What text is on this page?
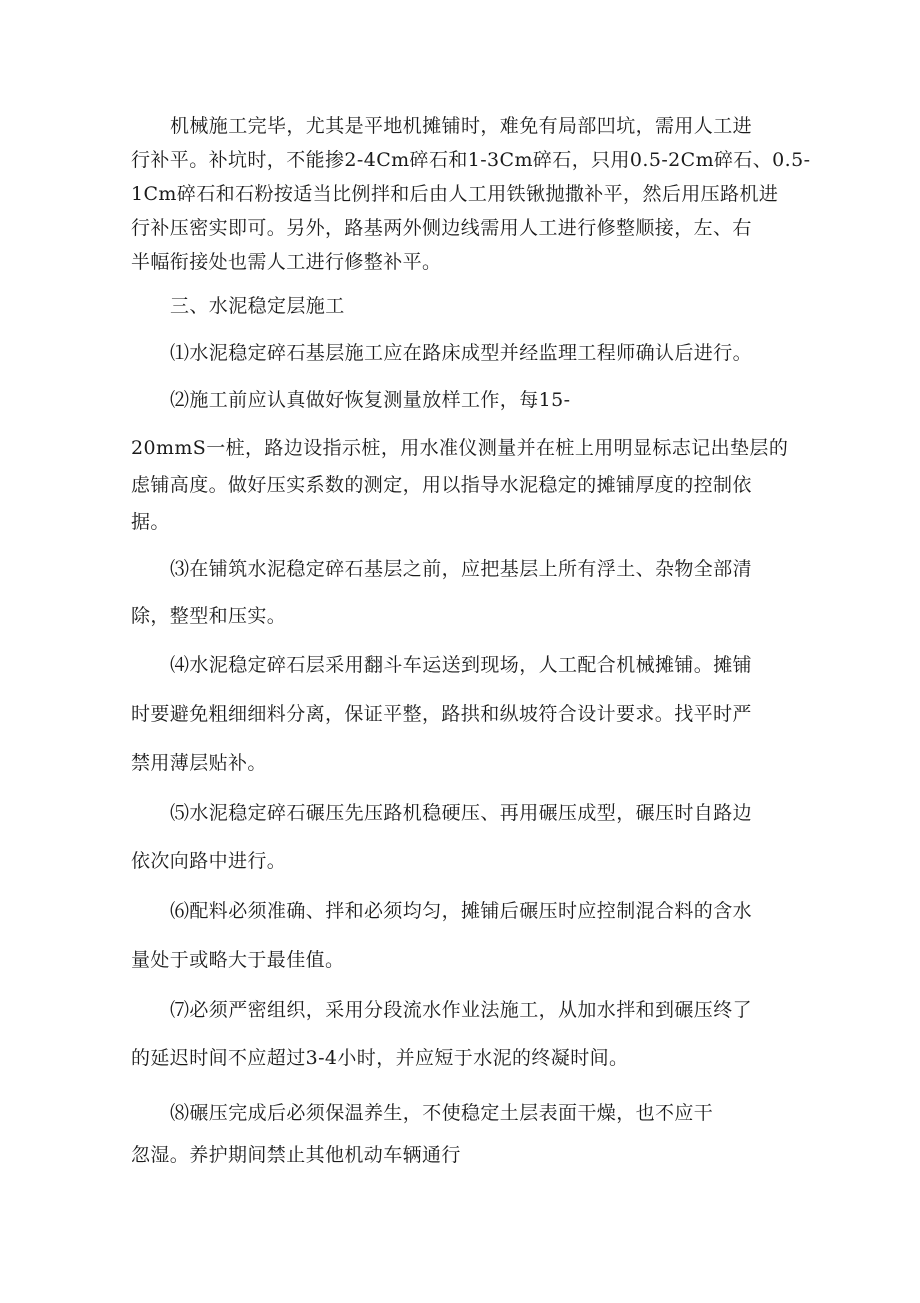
机械施工完毕，尤其是平地机摊铺时，难免有局部凹坑，需用人工进
行补平。补坑时，不能掺2-4Cm碎石和1-3Cm碎石，只用0.5-2Cm碎石、0.5-
1Cm碎石和石粉按适当比例拌和后由人工用铁锹抛撒补平，然后用压路机进
行补压密实即可。另外，路基两外侧边线需用人工进行修整顺接，左、右
半幅衔接处也需人工进行修整补平。
三、水泥稳定层施工
⑴水泥稳定碎石基层施工应在路床成型并经监理工程师确认后进行。
⑵施工前应认真做好恢复测量放样工作，每15-
20mmS一桩，路边设指示桩，用水准仪测量并在桩上用明显标志记出垫层的
虑铺高度。做好压实系数的测定，用以指导水泥稳定的摊铺厚度的控制依
据。
⑶在铺筑水泥稳定碎石基层之前，应把基层上所有浮土、杂物全部清
除，整型和压实。
⑷水泥稳定碎石层采用翻斗车运送到现场，人工配合机械摊铺。摊铺
时要避免粗细细料分离，保证平整，路拱和纵坡符合设计要求。找平时严
禁用薄层贴补。
⑸水泥稳定碎石碾压先压路机稳硬压、再用碾压成型，碾压时自路边
依次向路中进行。
⑹配料必须准确、拌和必须均匀，摊铺后碾压时应控制混合料的含水
量处于或略大于最佳值。
⑺必须严密组织，采用分段流水作业法施工，从加水拌和到碾压终了
的延迟时间不应超过3-4小时，并应短于水泥的终凝时间。
⑻碾压完成后必须保温养生，不使稳定土层表面干燥，也不应干
忽湿。养护期间禁止其他机动车辆通行
